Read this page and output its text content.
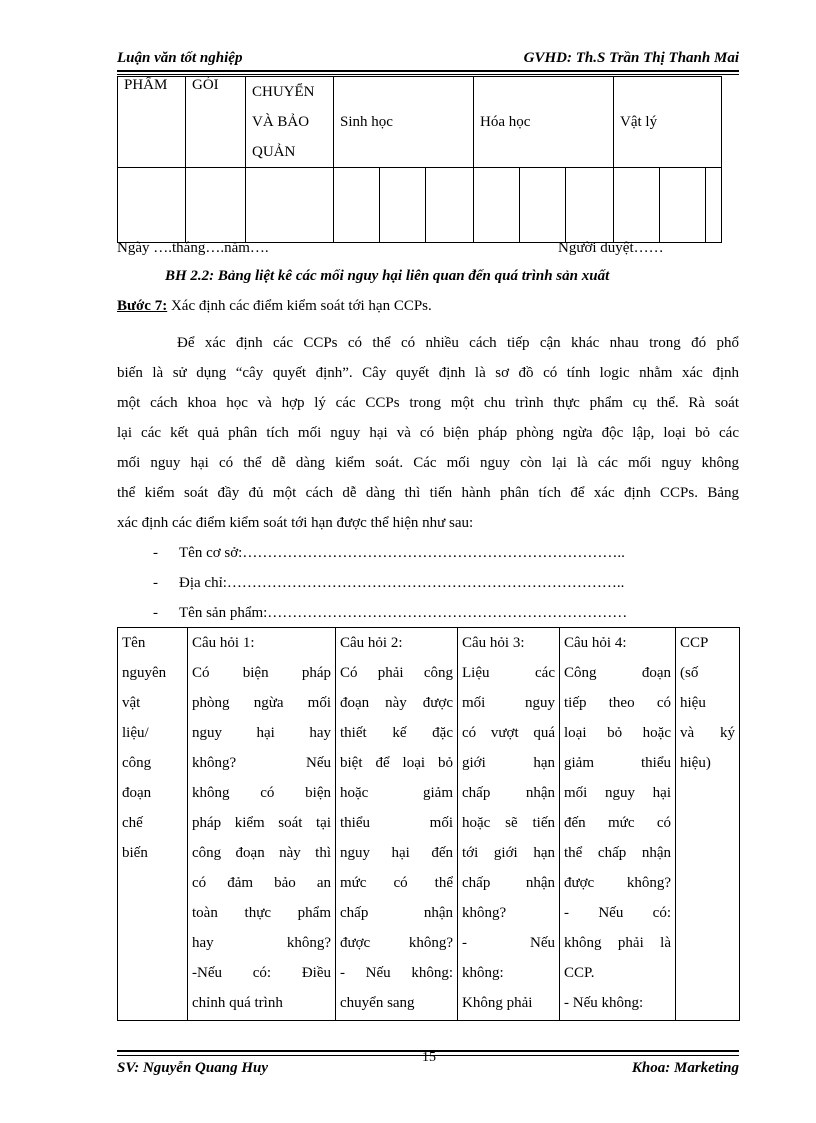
Luận văn tốt nghiệp	GVHD: Th.S Trần Thị Thanh Mai
PHẨM	GÓI	CHUYỂN
VÀ BẢO
QUẢN	Sinh học			Hóa học			Vật lý		

Ngày ….tháng….năm….	Người duyệt……
BH 2.2: Bảng liệt kê các mối nguy hại liên quan đến quá trình sản xuất
Bước 7: Xác định các điểm kiểm soát tới hạn CCPs.
Để xác định các CCPs có thể có nhiều cách tiếp cận khác nhau trong đó phổ
biến là sử dụng “cây quyết định”. Cây quyết định là sơ đồ có tính logic nhằm xác định
một cách khoa học và hợp lý các CCPs trong một chu trình thực phẩm cụ thể. Rà soát
lại các kết quả phân tích mối nguy hại và có biện pháp phòng ngừa độc lập, loại bỏ các
mối nguy hại có thể dễ dàng kiểm soát. Các mối nguy còn lại là các mối nguy không
thể kiểm soát đầy đủ một cách dễ dàng thì tiến hành phân tích để xác định CCPs. Bảng
xác định các điểm kiểm soát tới hạn được thể hiện như sau:
- Tên cơ sở:…………………………………………………………………..
- Địa chỉ:……………………………………………………………………..
- Tên sản phẩm:………………………………………………………………
Tên
nguyên
vật
liệu/
công
đoạn
chế
biến

Câu hỏi 1:
Có biện pháp
phòng ngừa mối
nguy hại hay
không? Nếu
không có biện
pháp kiểm soát tại
công đoạn này thì
có đảm bảo an
toàn thực phẩm
hay không?
-Nếu có: Điều
chỉnh quá trình

Câu hỏi 2:
Có phải công
đoạn này được
thiết kế đặc
biệt để loại bỏ
hoặc giảm
thiểu mối
nguy hại đến
mức có thể
chấp nhận
được không?
- Nếu không:
chuyển sang

Câu hỏi 3:
Liệu các
mối nguy
có vượt quá
giới hạn
chấp nhận
hoặc sẽ tiến
tới giới hạn
chấp nhận
không?
- Nếu
không:
Không phải

Câu hỏi 4:
Công đoạn
tiếp theo có
loại bỏ hoặc
giảm thiểu
mối nguy hại
đến mức có
thể chấp nhận
được không?
- Nếu có:
không phải là
CCP.
- Nếu không:

CCP
(số
hiệu
và ký
hiệu)
SV: Nguyễn Quang Huy
15
Khoa: Marketing
